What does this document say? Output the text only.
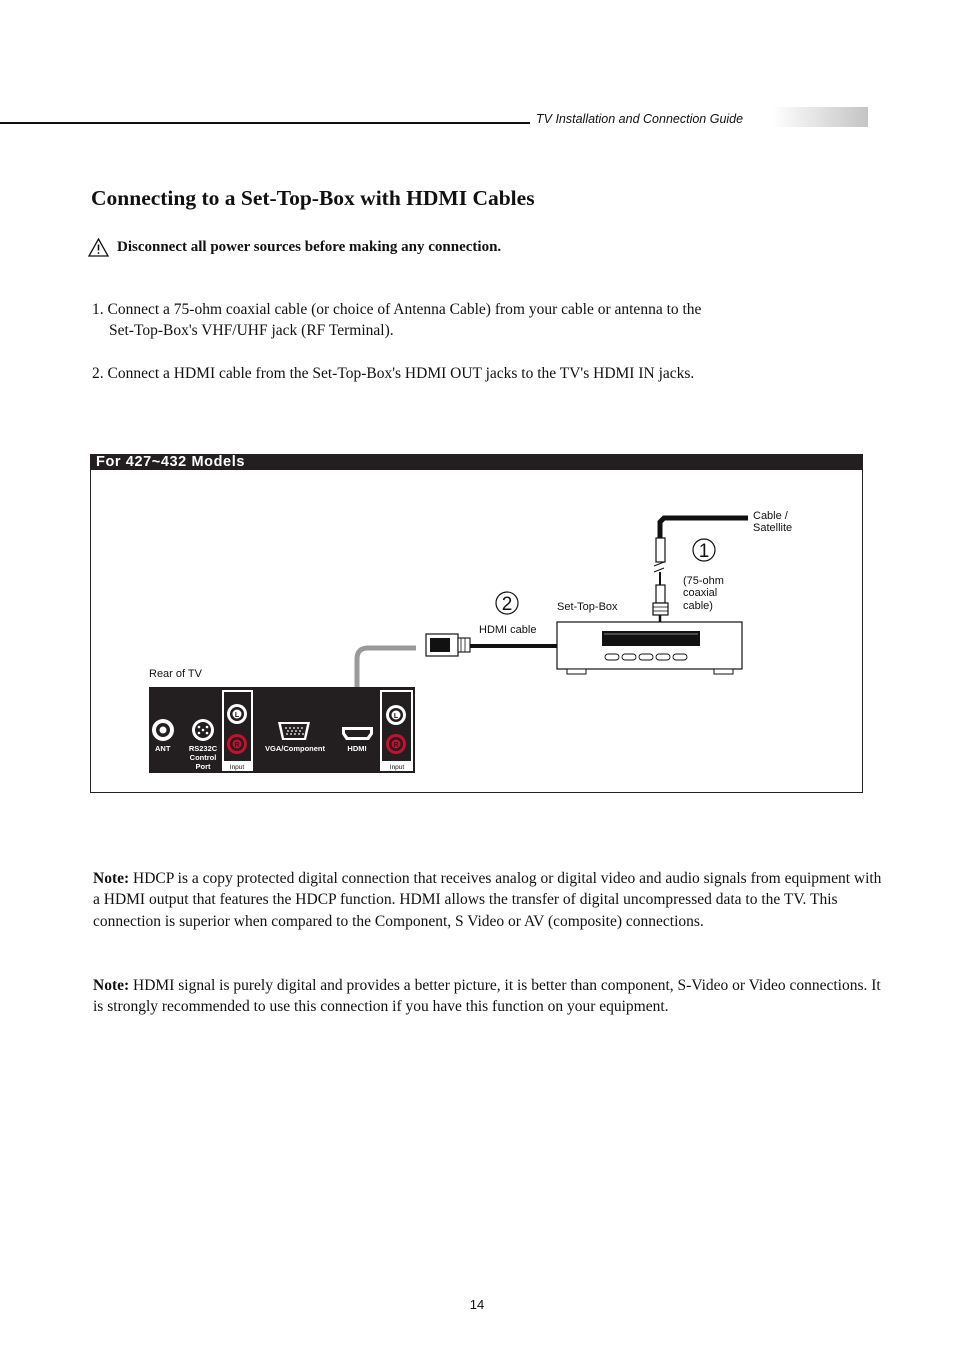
TV Installation and Connection Guide
Connecting to a Set-Top-Box with HDMI Cables
Disconnect all power sources before making any connection.
1. Connect a 75-ohm coaxial cable (or choice of Antenna Cable) from your cable or antenna to the
Set-Top-Box's VHF/UHF jack (RF Terminal).
2. Connect a HDMI cable from the Set-Top-Box's HDMI OUT jacks to the TV's HDMI IN jacks.
For 427~432 Models
Cable /
Satellite
1
(75-ohm
coaxial
cable)
Set-Top-Box
2
HDMI cable
Rear of TV
ANT RS232C
Control
Port
L
R
Input
VGA/Component	HDMI
L
R
Input
Note: HDCP is a copy protected digital connection that receives analog or digital video and audio signals from equipment with a HDMI output that features the HDCP function. HDMI allows the transfer of digital uncompressed data to the TV. This connection is superior when compared to the Component, S Video or AV (composite) connections.
Note: HDMI signal is purely digital and provides a better picture, it is better than component, S-Video or Video connections. It is strongly recommended to use this connection if you have this function on your equipment.
14
